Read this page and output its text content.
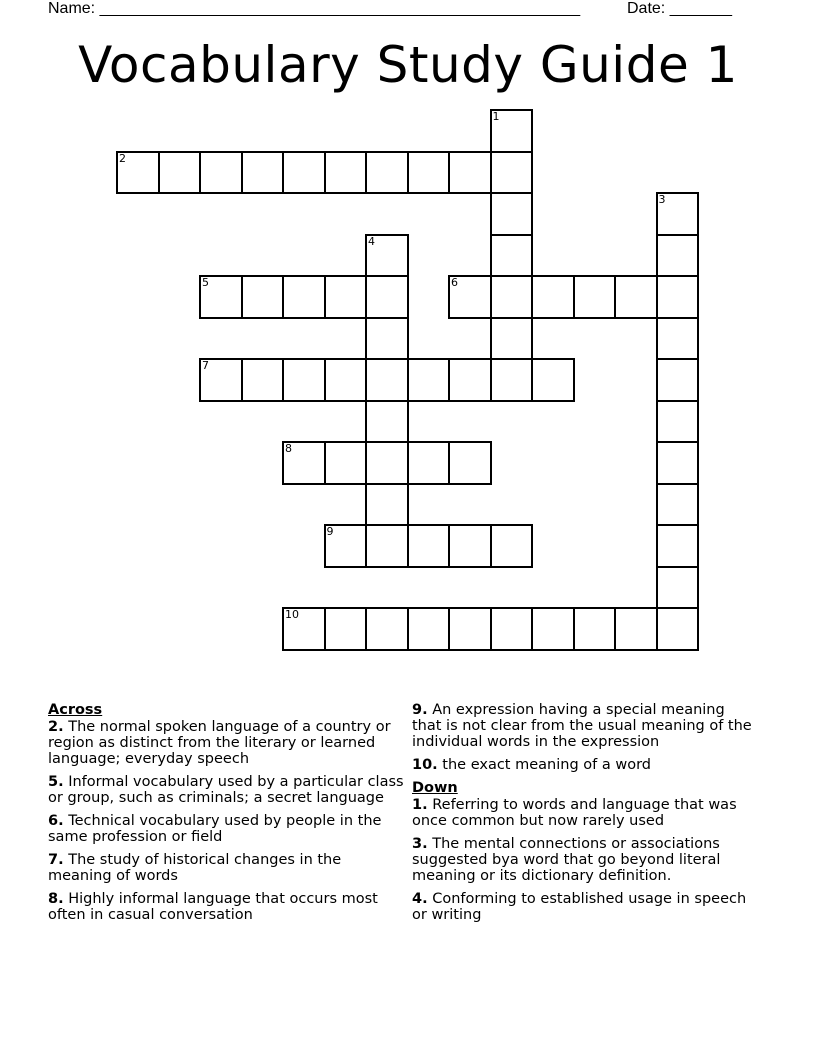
Name: ______________________________________________________	Date: _______
Vocabulary Study Guide 1
1
2
3
4
5	6
7
8
9
10
Across
2. The normal spoken language of a country or region as distinct from the literary or learned language; everyday speech
5. Informal vocabulary used by a particular class or group, such as criminals; a secret language
6. Technical vocabulary used by people in the same profession or field
7. The study of historical changes in the meaning of words
8. Highly informal language that occurs most often in casual conversation
9. An expression having a special meaning that is not clear from the usual meaning of the individual words in the expression
10. the exact meaning of a word
Down
1. Referring to words and language that was once common but now rarely used
3. The mental connections or associations suggested bya word that go beyond literal meaning or its dictionary definition.
4. Conforming to established usage in speech or writing
